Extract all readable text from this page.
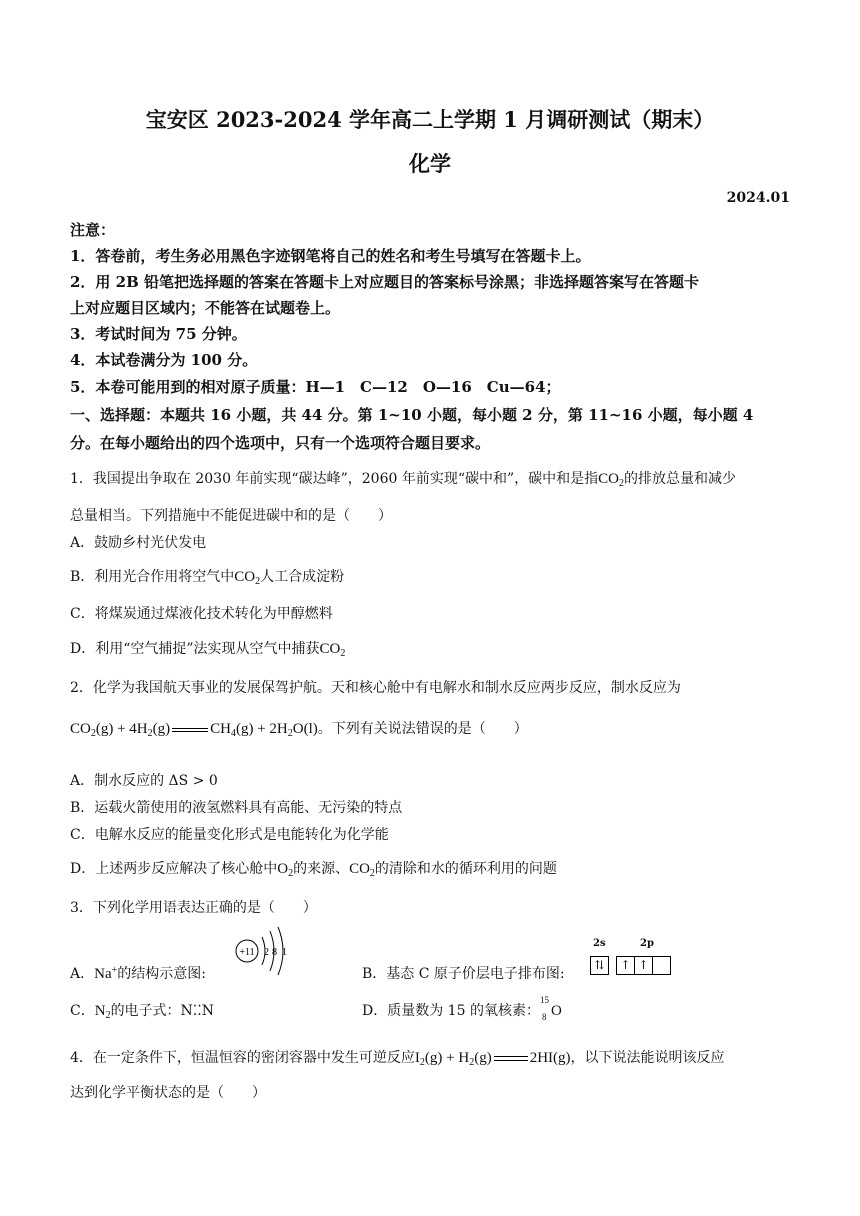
宝安区 2023-2024 学年高二上学期 1 月调研测试（期末）
化学
2024.01
注意：
1．答卷前，考生务必用黑色字迹钢笔将自己的姓名和考生号填写在答题卡上。
2．用 2B 铅笔把选择题的答案在答题卡上对应题目的答案标号涂黑；非选择题答案写在答题卡
上对应题目区域内；不能答在试题卷上。
3．考试时间为 75 分钟。
4．本试卷满分为 100 分。
5．本卷可能用到的相对原子质量：H—1　C—12　O—16　Cu—64；
一、选择题：本题共 16 小题，共 44 分。第 1~10 小题，每小题 2 分，第 11~16 小题，每小题 4
分。在每小题给出的四个选项中，只有一个选项符合题目要求。
1．我国提出争取在 2030 年前实现“碳达峰”，2060 年前实现“碳中和”，碳中和是指$CO_2$的排放总量和减少
总量相当。下列措施中不能促进碳中和的是（　　）
A．鼓励乡村光伏发电
B．利用光合作用将空气中$CO_2$人工合成淀粉
C．将煤炭通过煤液化技术转化为甲醇燃料
D．利用“空气捕捉”法实现从空气中捕获$CO_2$
2．化学为我国航天事业的发展保驾护航。天和核心舱中有电解水和制水反应两步反应，制水反应为
$CO_2(g) + 4H_2(g)$	$CH_4(g) + 2H_2O(l)$。下列有关说法错误的是（　　）
A．制水反应的 ΔS > 0
B．运载火箭使用的液氢燃料具有高能、无污染的特点
C．电解水反应的能量变化形式是电能转化为化学能
D．上述两步反应解决了核心舱中$O_2$的来源、$CO_2$的清除和水的循环利用的问题
3．下列化学用语表达正确的是（　　）
A．Na+的结构示意图:
+11 2 8 1
B．基态 C 原子价层电子排布图:
2s	2p
⇅	↑ ↑
C．$N_2$的电子式：N⁚⁚N	D．质量数为 15 的氧核素：
15
8 O
4．在一定条件下，恒温恒容的密闭容器中发生可逆反应$I_2(g) + H_2(g)$	2HI(g)，以下说法能说明该反应
达到化学平衡状态的是（　　）
